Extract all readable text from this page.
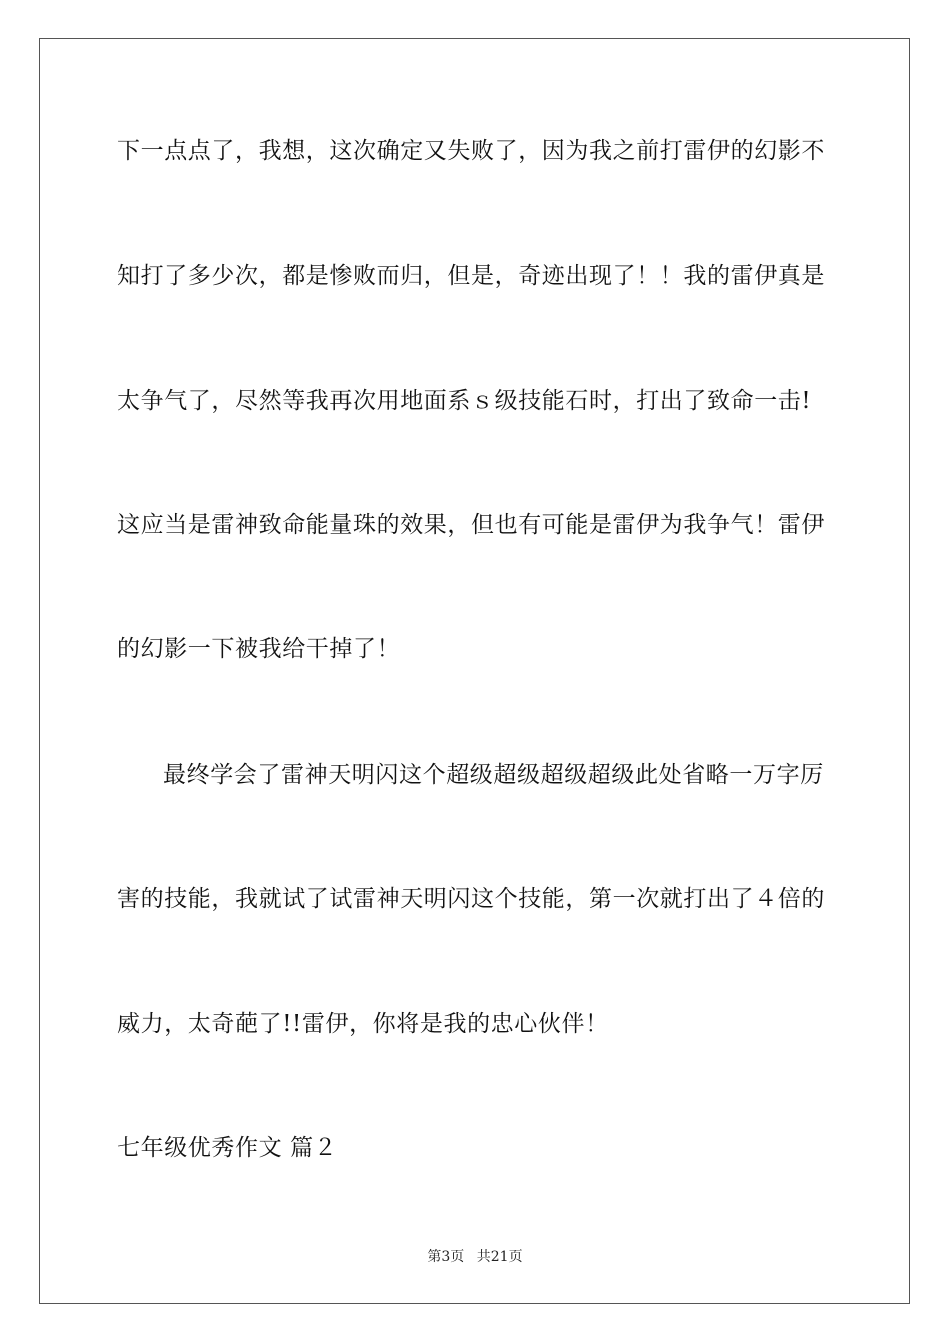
下一点点了，我想，这次确定又失败了，因为我之前打雷伊的幻影不
知打了多少次，都是惨败而归，但是，奇迹出现了！！我的雷伊真是
太争气了，尽然等我再次用地面系ｓ级技能石时，打出了致命一击!
这应当是雷神致命能量珠的效果，但也有可能是雷伊为我争气！雷伊
的幻影一下被我给干掉了！
最终学会了雷神天明闪这个超级超级超级超级此处省略一万字厉
害的技能，我就试了试雷神天明闪这个技能，第一次就打出了４倍的
威力，太奇葩了!!雷伊，你将是我的忠心伙伴！
七年级优秀作文 篇２
第3页 共21页
